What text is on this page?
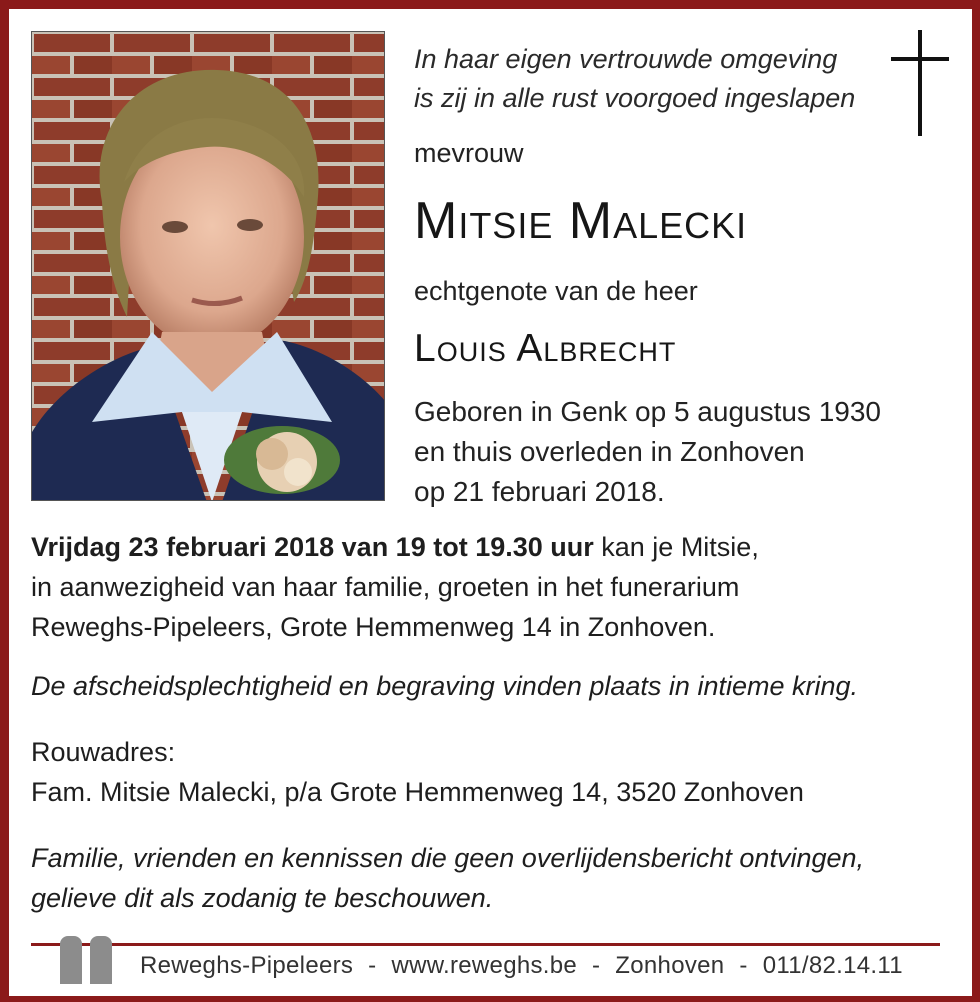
In haar eigen vertrouwde omgeving
is zij in alle rust voorgoed ingeslapen
mevrouw
Mitsie Malecki
echtgenote van de heer
Louis Albrecht
Geboren in Genk op 5 augustus 1930
en thuis overleden in Zonhoven
op 21 februari 2018.
Vrijdag 23 februari 2018 van 19 tot 19.30 uur kan je Mitsie,
in aanwezigheid van haar familie, groeten in het funerarium
Reweghs-Pipeleers, Grote Hemmenweg 14 in Zonhoven.
De afscheidsplechtigheid en begraving vinden plaats in intieme kring.
Rouwadres:
Fam. Mitsie Malecki, p/a Grote Hemmenweg 14, 3520 Zonhoven
Familie, vrienden en kennissen die geen overlijdensbericht ontvingen,
gelieve dit als zodanig te beschouwen.
Reweghs-Pipeleers - www.reweghs.be - Zonhoven - 011/82.14.11
